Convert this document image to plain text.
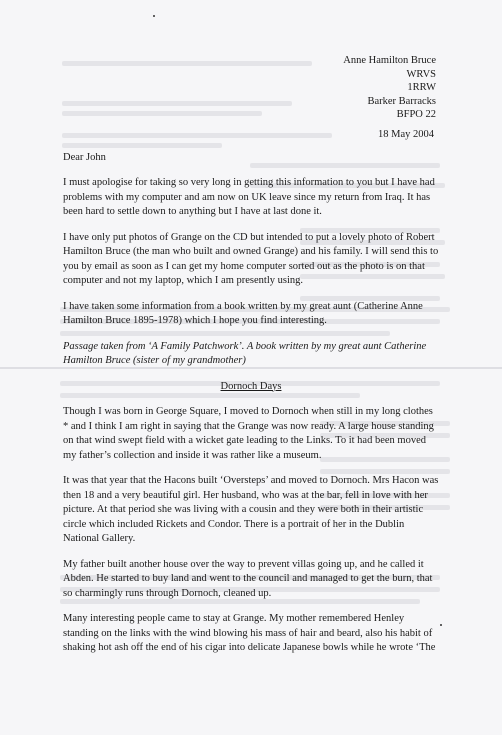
Anne Hamilton Bruce
WRVS
1RRW
Barker Barracks
BFPO 22
18 May 2004
Dear John

I must apologise for taking so very long in getting this information to you but I have had problems with my computer and am now on UK leave since my return from Iraq. It has been hard to settle down to anything but I have at last done it.

I have only put photos of Grange on the CD but intended to put a lovely photo of Robert Hamilton Bruce (the man who built and owned Grange) and his family. I will send this to you by email as soon as I can get my home computer sorted out as the photo is on that computer and not my laptop, which I am presently using.

I have taken some information from a book written by my great aunt (Catherine Anne Hamilton Bruce 1895-1978) which I hope you find interesting.

Passage taken from ‘A Family Patchwork’. A book written by my great aunt Catherine Hamilton Bruce (sister of my grandmother)

Dornoch Days

Though I was born in George Square, I moved to Dornoch when still in my long clothes * and I think I am right in saying that the Grange was now ready. A large house standing on that wind swept field with a wicket gate leading to the Links. To it had been moved my father’s collection and inside it was rather like a museum.

It was that year that the Hacons built ‘Oversteps’ and moved to Dornoch. Mrs Hacon was then 18 and a very beautiful girl. Her husband, who was at the bar, fell in love with her picture. At that period she was living with a cousin and they were both in their artistic circle which included Rickets and Condor. There is a portrait of her in the Dublin National Gallery.

My father built another house over the way to prevent villas going up, and he called it Abden. He started to buy land and went to the council and managed to get the burn, that so charmingly runs through Dornoch, cleaned up.

Many interesting people came to stay at Grange. My mother remembered Henley standing on the links with the wind blowing his mass of hair and beard, also his habit of shaking hot ash off the end of his cigar into delicate Japanese bowls while he wrote ‘The
